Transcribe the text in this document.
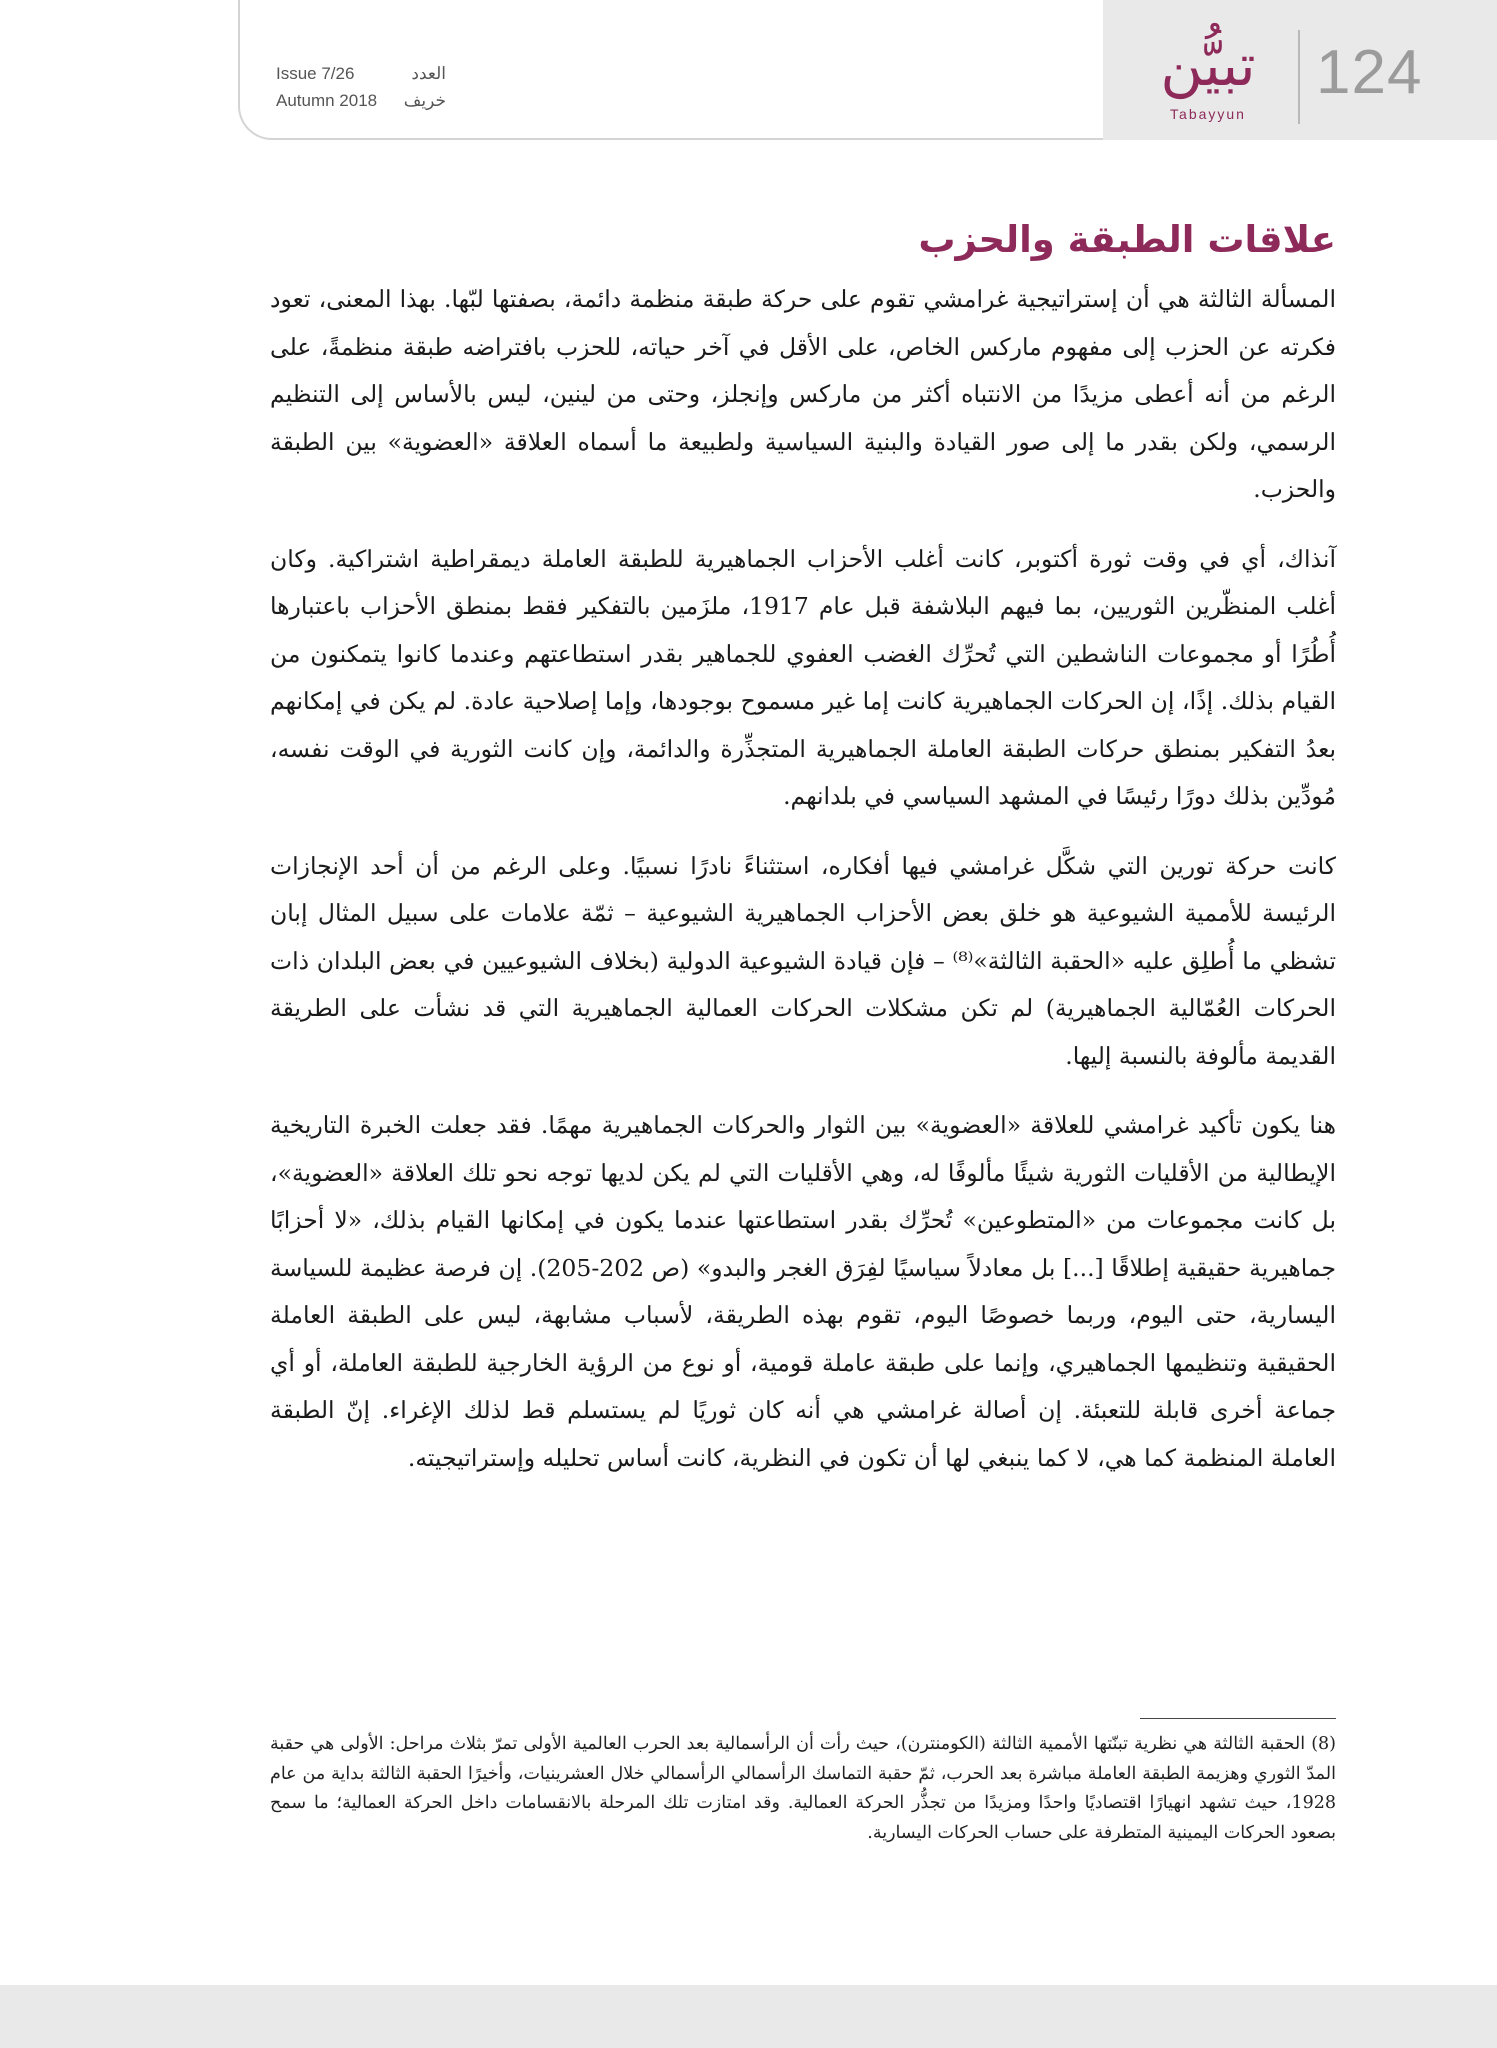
124
تبيُّن
Tabayyun
Issue 7/26	العدد
Autumn 2018 خريف
علاقات الطبقة والحزب

المسألة الثالثة هي أن إستراتيجية غرامشي تقوم على حركة طبقة منظمة دائمة، بصفتها لبّها. بهذا المعنى، تعود فكرته عن الحزب إلى مفهوم ماركس الخاص، على الأقل في آخر حياته، للحزب بافتراضه طبقة منظمةً، على الرغم من أنه أعطى مزيدًا من الانتباه أكثر من ماركس وإنجلز، وحتى من لينين، ليس بالأساس إلى التنظيم الرسمي، ولكن بقدر ما إلى صور القيادة والبنية السياسية ولطبيعة ما أسماه العلاقة «العضوية» بين الطبقة والحزب.

آنذاك، أي في وقت ثورة أكتوبر، كانت أغلب الأحزاب الجماهيرية للطبقة العاملة ديمقراطية اشتراكية. وكان أغلب المنظّرين الثوريين، بما فيهم البلاشفة قبل عام 1917، ملزَمين بالتفكير فقط بمنطق الأحزاب باعتبارها أُطُرًا أو مجموعات الناشطين التي تُحرِّك الغضب العفوي للجماهير بقدر استطاعتهم وعندما كانوا يتمكنون من القيام بذلك. إذًا، إن الحركات الجماهيرية كانت إما غير مسموح بوجودها، وإما إصلاحية عادة. لم يكن في إمكانهم بعدُ التفكير بمنطق حركات الطبقة العاملة الجماهيرية المتجذِّرة والدائمة، وإن كانت الثورية في الوقت نفسه، مُودِّين بذلك دورًا رئيسًا في المشهد السياسي في بلدانهم.

كانت حركة تورين التي شكَّل غرامشي فيها أفكاره، استثناءً نادرًا نسبيًا. وعلى الرغم من أن أحد الإنجازات الرئيسة للأممية الشيوعية هو خلق بعض الأحزاب الجماهيرية الشيوعية – ثمّة علامات على سبيل المثال إبان تشظي ما أُطلِق عليه «الحقبة الثالثة»⁽⁸⁾ – فإن قيادة الشيوعية الدولية (بخلاف الشيوعيين في بعض البلدان ذات الحركات العُمّالية الجماهيرية) لم تكن مشكلات الحركات العمالية الجماهيرية التي قد نشأت على الطريقة القديمة مألوفة بالنسبة إليها.

هنا يكون تأكيد غرامشي للعلاقة «العضوية» بين الثوار والحركات الجماهيرية مهمًا. فقد جعلت الخبرة التاريخية الإيطالية من الأقليات الثورية شيئًا مألوفًا له، وهي الأقليات التي لم يكن لديها توجه نحو تلك العلاقة «العضوية»، بل كانت مجموعات من «المتطوعين» تُحرِّك بقدر استطاعتها عندما يكون في إمكانها القيام بذلك، «لا أحزابًا جماهيرية حقيقية إطلاقًا [...] بل معادلاً سياسيًا لفِرَق الغجر والبدو» (ص 202-205). إن فرصة عظيمة للسياسة اليسارية، حتى اليوم، وربما خصوصًا اليوم، تقوم بهذه الطريقة، لأسباب مشابهة، ليس على الطبقة العاملة الحقيقية وتنظيمها الجماهيري، وإنما على طبقة عاملة قومية، أو نوع من الرؤية الخارجية للطبقة العاملة، أو أي جماعة أخرى قابلة للتعبئة. إن أصالة غرامشي هي أنه كان ثوريًا لم يستسلم قط لذلك الإغراء. إنّ الطبقة العاملة المنظمة كما هي، لا كما ينبغي لها أن تكون في النظرية، كانت أساس تحليله وإستراتيجيته.

(8) الحقبة الثالثة هي نظرية تبنّتها الأممية الثالثة (الكومنترن)، حيث رأت أن الرأسمالية بعد الحرب العالمية الأولى تمرّ بثلاث مراحل: الأولى هي حقبة المدّ الثوري وهزيمة الطبقة العاملة مباشرة بعد الحرب، ثمّ حقبة التماسك الرأسمالي الرأسمالي خلال العشرينيات، وأخيرًا الحقبة الثالثة بداية من عام 1928، حيث تشهد انهيارًا اقتصاديًا واحدًا ومزيدًا من تجذُّر الحركة العمالية. وقد امتازت تلك المرحلة بالانقسامات داخل الحركة العمالية؛ ما سمح بصعود الحركات اليمينية المتطرفة على حساب الحركات اليسارية.
